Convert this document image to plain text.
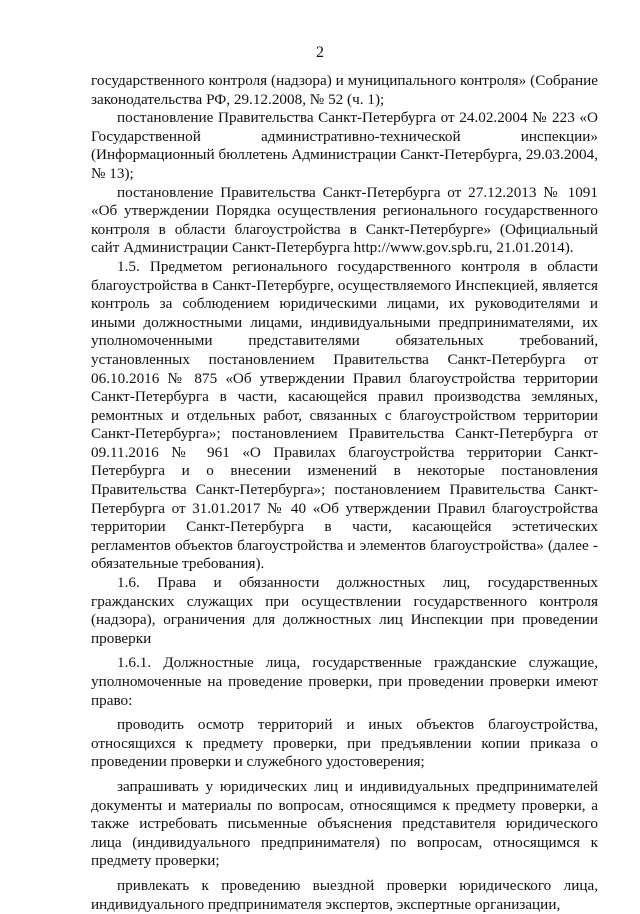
2

государственного контроля (надзора) и муниципального контроля» (Собрание законодательства РФ, 29.12.2008, № 52 (ч. 1);

постановление Правительства Санкт-Петербурга от 24.02.2004 № 223 «О Государственной административно-технической инспекции» (Информационный бюллетень Администрации Санкт-Петербурга, 29.03.2004, № 13);

постановление Правительства Санкт-Петербурга от 27.12.2013 № 1091 «Об утверждении Порядка осуществления регионального государственного контроля в области благоустройства в Санкт-Петербурге» (Официальный сайт Администрации Санкт-Петербурга http://www.gov.spb.ru, 21.01.2014).

1.5. Предметом регионального государственного контроля в области благоустройства в Санкт-Петербурге, осуществляемого Инспекцией, является контроль за соблюдением юридическими лицами, их руководителями и иными должностными лицами, индивидуальными предпринимателями, их уполномоченными представителями обязательных требований, установленных постановлением Правительства Санкт-Петербурга от 06.10.2016 № 875 «Об утверждении Правил благоустройства территории Санкт-Петербурга в части, касающейся правил производства земляных, ремонтных и отдельных работ, связанных с благоустройством территории Санкт-Петербурга»; постановлением Правительства Санкт-Петербурга от 09.11.2016 № 961 «О Правилах благоустройства территории Санкт-Петербурга и о внесении изменений в некоторые постановления Правительства Санкт-Петербурга»; постановлением Правительства Санкт-Петербурга от 31.01.2017 № 40 «Об утверждении Правил благоустройства территории Санкт-Петербурга в части, касающейся эстетических регламентов объектов благоустройства и элементов благоустройства» (далее - обязательные требования).

1.6. Права и обязанности должностных лиц, государственных гражданских служащих при осуществлении государственного контроля (надзора), ограничения для должностных лиц Инспекции при проведении проверки

1.6.1. Должностные лица, государственные гражданские служащие, уполномоченные на проведение проверки, при проведении проверки имеют право:

проводить осмотр территорий и иных объектов благоустройства, относящихся к предмету проверки, при предъявлении копии приказа о проведении проверки и служебного удостоверения;

запрашивать у юридических лиц и индивидуальных предпринимателей документы и материалы по вопросам, относящимся к предмету проверки, а также истребовать письменные объяснения представителя юридического лица (индивидуального предпринимателя) по вопросам, относящимся к предмету проверки;

привлекать к проведению выездной проверки юридического лица, индивидуального предпринимателя экспертов, экспертные организации,
